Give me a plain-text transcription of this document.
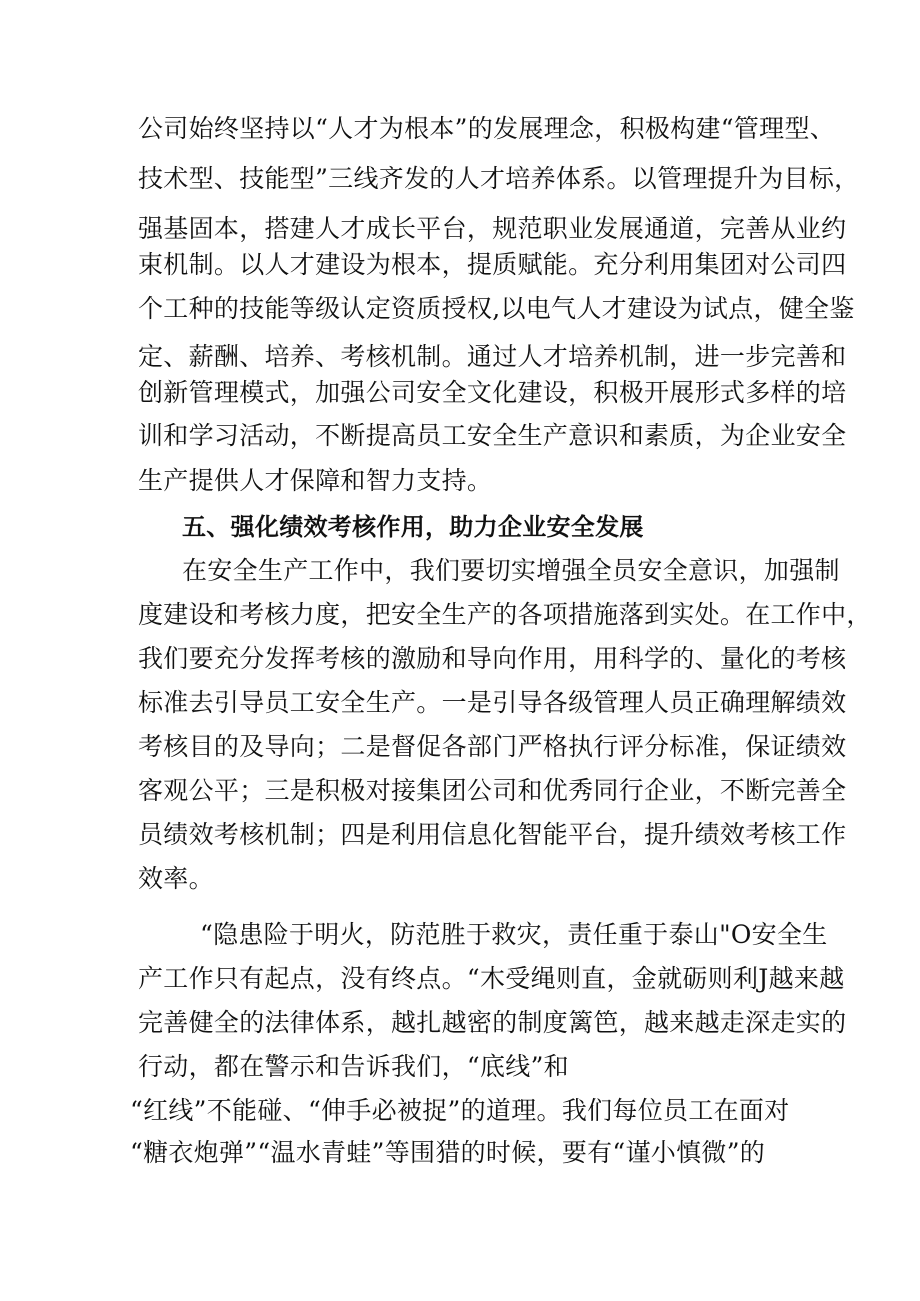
公司始终坚持以“人才为根本”的发展理念，积极构建“管理型、
技术型、技能型”三线齐发的人才培养体系。以管理提升为目标，
强基固本，搭建人才成长平台，规范职业发展通道，完善从业约
束机制。以人才建设为根本，提质赋能。充分利用集团对公司四
个工种的技能等级认定资质授权,以电气人才建设为试点，健全鉴
定、薪酬、培养、考核机制。通过人才培养机制，进一步完善和
创新管理模式，加强公司安全文化建设，积极开展形式多样的培
训和学习活动，不断提高员工安全生产意识和素质，为企业安全
生产提供人才保障和智力支持。
五、强化绩效考核作用，助力企业安全发展
在安全生产工作中，我们要切实增强全员安全意识，加强制
度建设和考核力度，把安全生产的各项措施落到实处。在工作中，
我们要充分发挥考核的激励和导向作用，用科学的、量化的考核
标准去引导员工安全生产。一是引导各级管理人员正确理解绩效
考核目的及导向；二是督促各部门严格执行评分标准，保证绩效
客观公平；三是积极对接集团公司和优秀同行企业，不断完善全
员绩效考核机制；四是利用信息化智能平台，提升绩效考核工作
效率。
“隐患险于明火，防范胜于救灾，责任重于泰山"O安全生
产工作只有起点，没有终点。“木受绳则直，金就砺则利J越来越
完善健全的法律体系，越扎越密的制度篱笆，越来越走深走实的
行动，都在警示和告诉我们，“底线”和
“红线”不能碰、“伸手必被捉”的道理。我们每位员工在面对
“糖衣炮弹”“温水青蛙”等围猎的时候，要有“谨小慎微”的
